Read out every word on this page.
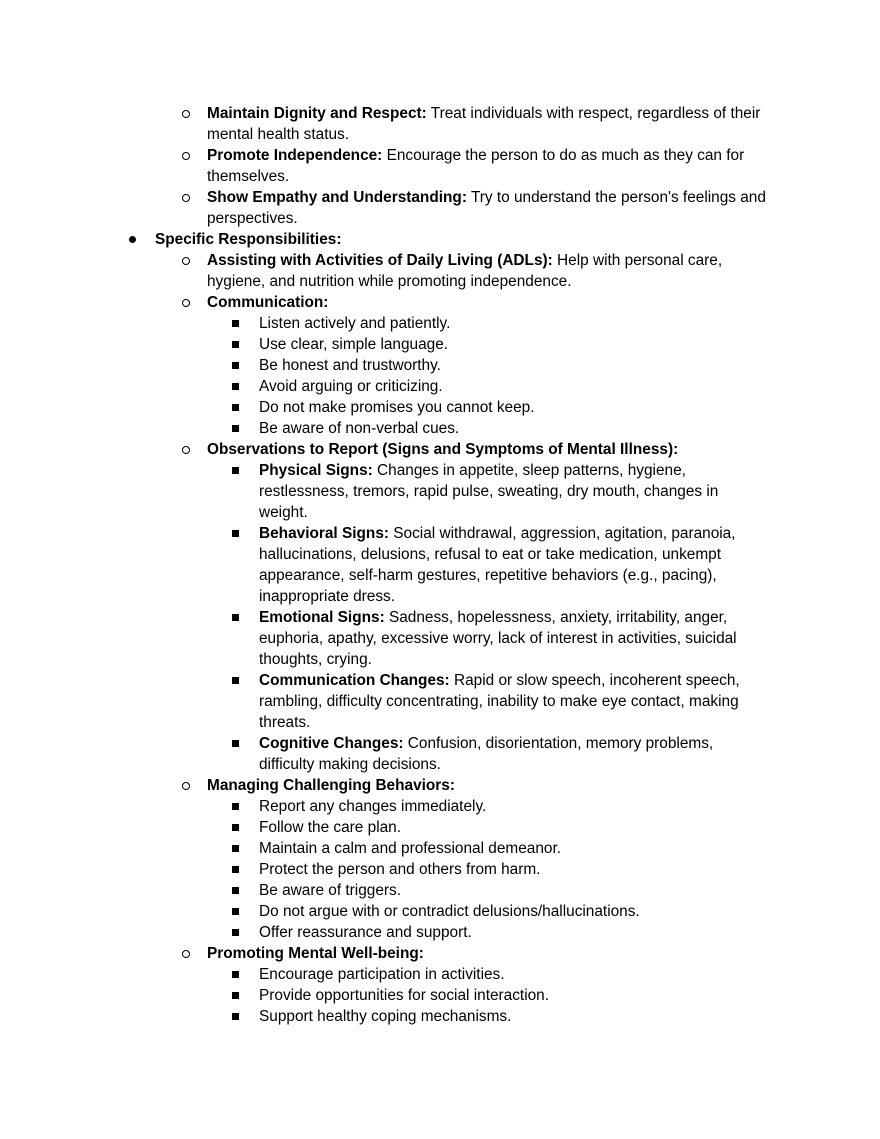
Maintain Dignity and Respect: Treat individuals with respect, regardless of their mental health status.
Promote Independence: Encourage the person to do as much as they can for themselves.
Show Empathy and Understanding: Try to understand the person's feelings and perspectives.
Specific Responsibilities:
Assisting with Activities of Daily Living (ADLs): Help with personal care, hygiene, and nutrition while promoting independence.
Communication:
Listen actively and patiently.
Use clear, simple language.
Be honest and trustworthy.
Avoid arguing or criticizing.
Do not make promises you cannot keep.
Be aware of non-verbal cues.
Observations to Report (Signs and Symptoms of Mental Illness):
Physical Signs: Changes in appetite, sleep patterns, hygiene, restlessness, tremors, rapid pulse, sweating, dry mouth, changes in weight.
Behavioral Signs: Social withdrawal, aggression, agitation, paranoia, hallucinations, delusions, refusal to eat or take medication, unkempt appearance, self-harm gestures, repetitive behaviors (e.g., pacing), inappropriate dress.
Emotional Signs: Sadness, hopelessness, anxiety, irritability, anger, euphoria, apathy, excessive worry, lack of interest in activities, suicidal thoughts, crying.
Communication Changes: Rapid or slow speech, incoherent speech, rambling, difficulty concentrating, inability to make eye contact, making threats.
Cognitive Changes: Confusion, disorientation, memory problems, difficulty making decisions.
Managing Challenging Behaviors:
Report any changes immediately.
Follow the care plan.
Maintain a calm and professional demeanor.
Protect the person and others from harm.
Be aware of triggers.
Do not argue with or contradict delusions/hallucinations.
Offer reassurance and support.
Promoting Mental Well-being:
Encourage participation in activities.
Provide opportunities for social interaction.
Support healthy coping mechanisms.
